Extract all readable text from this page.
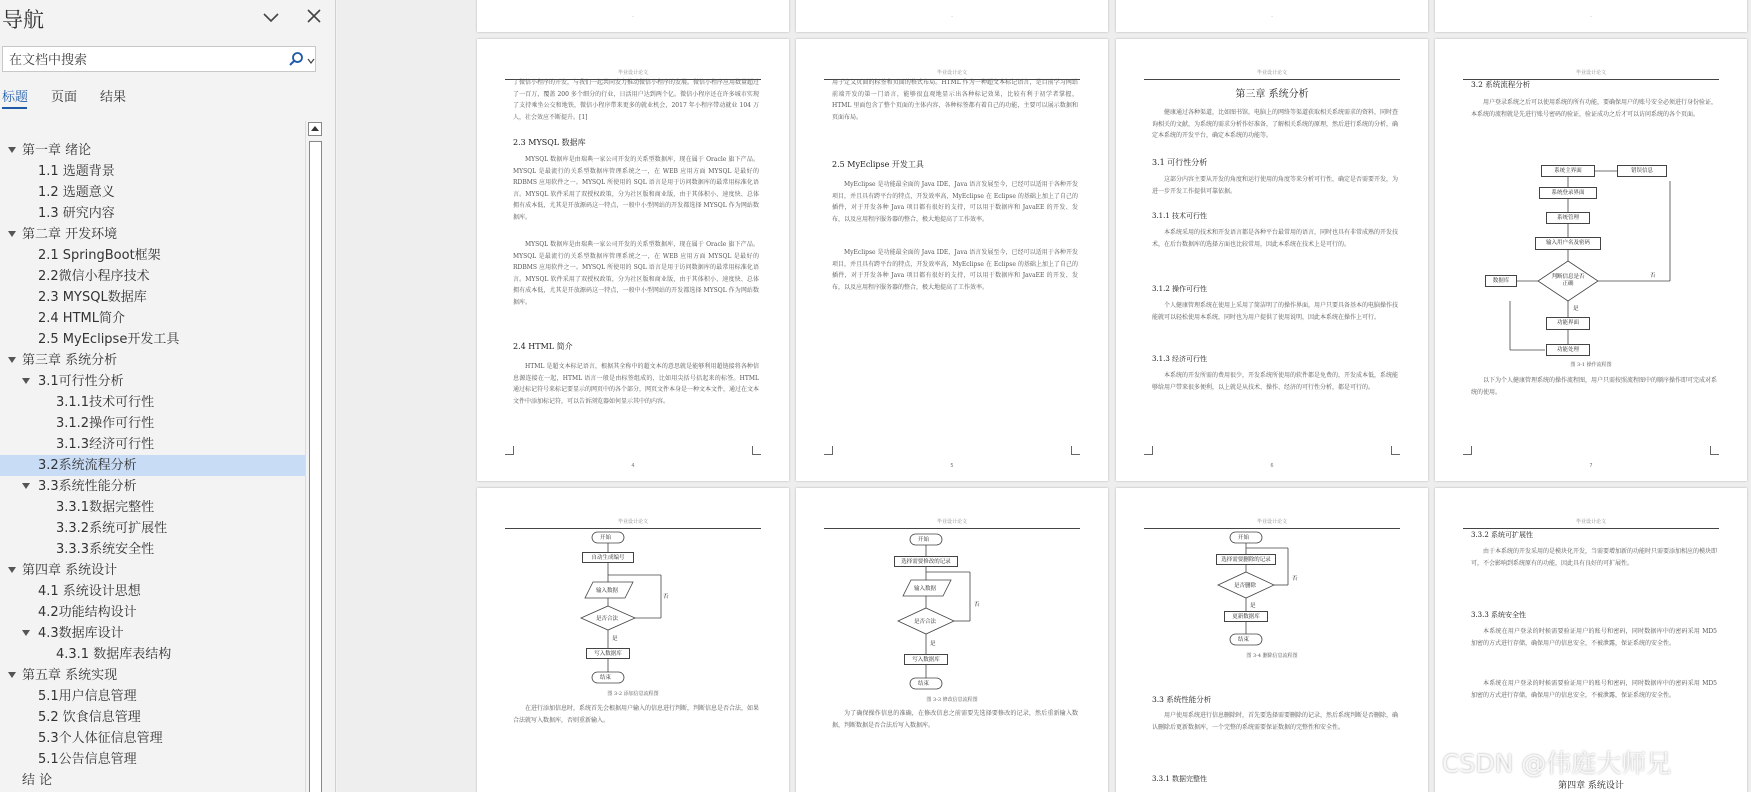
导航
在文档中搜索
标题 页面 结果
第一章 绪论
1.1 选题背景
1.2 选题意义
1.3 研究内容
第二章 开发环境
2.1 SpringBoot框架
2.2微信小程序技术
2.3 MYSQL数据库
2.4 HTML简介
2.5 MyEclipse开发工具
第三章 系统分析
3.1可行性分析
3.1.1技术可行性
3.1.2操作可行性
3.1.3经济可行性
3.2系统流程分析
3.3系统性能分析
3.3.1数据完整性
3.3.2系统可扩展性
3.3.3系统安全性
第四章 系统设计
4.1 系统设计思想
4.2功能结构设计
4.3数据库设计
4.3.1 数据库表结构
第五章 系统实现
5.1用户信息管理
5.2 饮食信息管理
5.3个人体征信息管理
5.1公告信息管理
结 论
·	·	·	·
毕业设计论文
了微信小程序的开发，与我们一起共同发力推动微信小程序的发展。微信小程序应用数量超过了一百万，覆盖 200 多个细分的行业，日活用户达到两个亿。微信小程序还在许多城市实现了支持乘坐公交和地铁，微信小程序带来更多的就业机会，2017 年小程序带动就业 104 万人，社会效应不断提升。[1]
2.3 MYSQL 数据库
MYSQL 数据库是由瑞典一家公司开发的关系型数据库，现在属于 Oracle 旗下产品。MYSQL 是最流行的关系型数据库管理系统之一，在 WEB 应用方面 MYSQL 是最好的 RDBMS 应用软件之一。MYSQL 所使用的 SQL 语言是用于访问数据库的最常用标准化语言。MYSQL 软件采用了双授权政策，分为社区版和商业版，由于其体积小、速度快、总体拥有成本低，尤其是开放源码这一特点，一般中小型网站的开发都选择 MYSQL 作为网站数据库。
MYSQL 数据库是由瑞典一家公司开发的关系型数据库，现在属于 Oracle 旗下产品。MYSQL 是最流行的关系型数据库管理系统之一，在 WEB 应用方面 MYSQL 是最好的 RDBMS 应用软件之一。MYSQL 所使用的 SQL 语言是用于访问数据库的最常用标准化语言。MYSQL 软件采用了双授权政策，分为社区版和商业版，由于其体积小、速度快、总体拥有成本低，尤其是开放源码这一特点，一般中小型网站的开发都选择 MYSQL 作为网站数据库。
2.4 HTML 简介
HTML 是超文本标记语言，根据其全称中的超文本的意思就是能够利用超链接将各种信息源连接在一起，HTML 语言一般是由标签组成的，比如用尖括号括起来的标签。HTML 通过标记符号来标记要显示的网页中的各个部分，网页文件本身是一种文本文件，通过在文本文件中添加标记符，可以告诉浏览器如何显示其中的内容。
4
毕业设计论文
用于定义页面的标签和页面的格式布局。HTML 作为一种超文本标记语言，是目前学习网站前端开发的第一门语言，能够很直观地显示出各种标记效果，比较有利于初学者掌握，HTML 里面包含了整个页面的主体内容，各种标签都有着自己的功能，主要可以展示数据和页面布局。
2.5 MyEclipse 开发工具
MyEclipse 是功能最全面的 Java IDE，Java 语言发展至今，已经可以适用于各种开发项目，并且具有跨平台的特点，开发效率高，MyEclipse 在 Eclipse 的基础上加上了自己的插件，对于开发各种 Java 项目都有很好的支持，可以用于数据库和 JavaEE 的开发、发布，以及应用程序服务器的整合，极大地提高了工作效率。
MyEclipse 是功能最全面的 Java IDE，Java 语言发展至今，已经可以适用于各种开发项目，并且具有跨平台的特点，开发效率高，MyEclipse 在 Eclipse 的基础上加上了自己的插件，对于开发各种 Java 项目都有很好的支持，可以用于数据库和 JavaEE 的开发、发布，以及应用程序服务器的整合，极大地提高了工作效率。
5
毕业设计论文
第三章 系统分析
健康通过各种渠道，比如图书馆，电脑上的网络等渠道获取相关系统需求的资料，同时查询相关的文献，为系统的需求分析作好准备，了解相关系统的原理，然后进行系统的分析，确定本系统的开发平台，确定本系统的功能等。
3.1 可行性分析
这部分内容主要从开发的角度和运行使用的角度等来分析可行性，确定是否需要开发，为进一步开发工作提供可靠依据。
3.1.1 技术可行性
本系统采用的技术和开发语言都是各种平台最常用的语言，同时也具有非常成熟的开发技术，在后台数据库的选择方面也比较常用，因此本系统在技术上是可行的。
3.1.2 操作可行性
个人健康管理系统在使用上采用了简洁明了的操作界面，用户只要具备基本的电脑操作技能就可以轻松使用本系统，同时也为用户提供了使用说明，因此本系统在操作上可行。
3.1.3 经济可行性
本系统的开发所需的费用很少，开发系统所使用的软件都是免费的，开发成本低，系统能够给用户带来很多便利，以上就是从技术、操作、经济的可行性分析，都是可行的。
6
毕业设计论文
3.2 系统流程分析
用户登录系统之后可以使用系统的所有功能，要确保用户的账号安全必须进行身份验证，本系统的流程就是先进行账号密码的验证，验证成功之后才可以访问系统的各个页面。
系统主界面	错误信息
系统登录界面
系统管理
输入用户名及密码
判断信息是否正确
数据库
否
是
功能界面
功能处理
图 3-1 操作流程图
以下为个人健康管理系统的操作流程图，用户只需按照流程图中的顺序操作即可完成对系统的使用。
7
毕业设计论文
开始
自动生成编号
输入数据
是否合法
否
是
写入数据库
结束
图 3-2 添加信息流程图
在进行添加信息时，系统首先会根据用户输入的信息进行判断，判断信息是否合法，如果合法就写入数据库，否则重新输入。
毕业设计论文
开始
选择需要修改的记录
输入数据
是否合法
否
是
写入数据库
结束
图 3-3 修改信息流程图
为了确保操作信息的准确，在修改信息之前需要先选择要修改的记录，然后重新输入数据，判断数据是否合法后写入数据库。
毕业设计论文
开始
选择需要删除的记录
是否删除
否
是
更新数据库
结束
图 3-4 删除信息流程图
3.3 系统性能分析
用户使用系统进行信息删除时，首先要选择需要删除的记录，然后系统判断是否删除，确认删除后更新数据库，一个完整的系统需要保证数据的完整性和安全性。
3.3.1 数据完整性
毕业设计论文
3.3.2 系统可扩展性
由于本系统的开发采用的是模块化开发，当需要增加新的功能时只需要添加相应的模块即可，不会影响到系统原有的功能，因此具有良好的可扩展性。
3.3.3 系统安全性
本系统在用户登录的时候需要验证用户的账号和密码，同时数据库中的密码采用 MD5 加密的方式进行存储，确保用户的信息安全，不被泄露，保证系统的安全性。
本系统在用户登录的时候需要验证用户的账号和密码，同时数据库中的密码采用 MD5 加密的方式进行存储，确保用户的信息安全，不被泄露，保证系统的安全性。
第四章 系统设计
CSDN @伟庭大师兄
